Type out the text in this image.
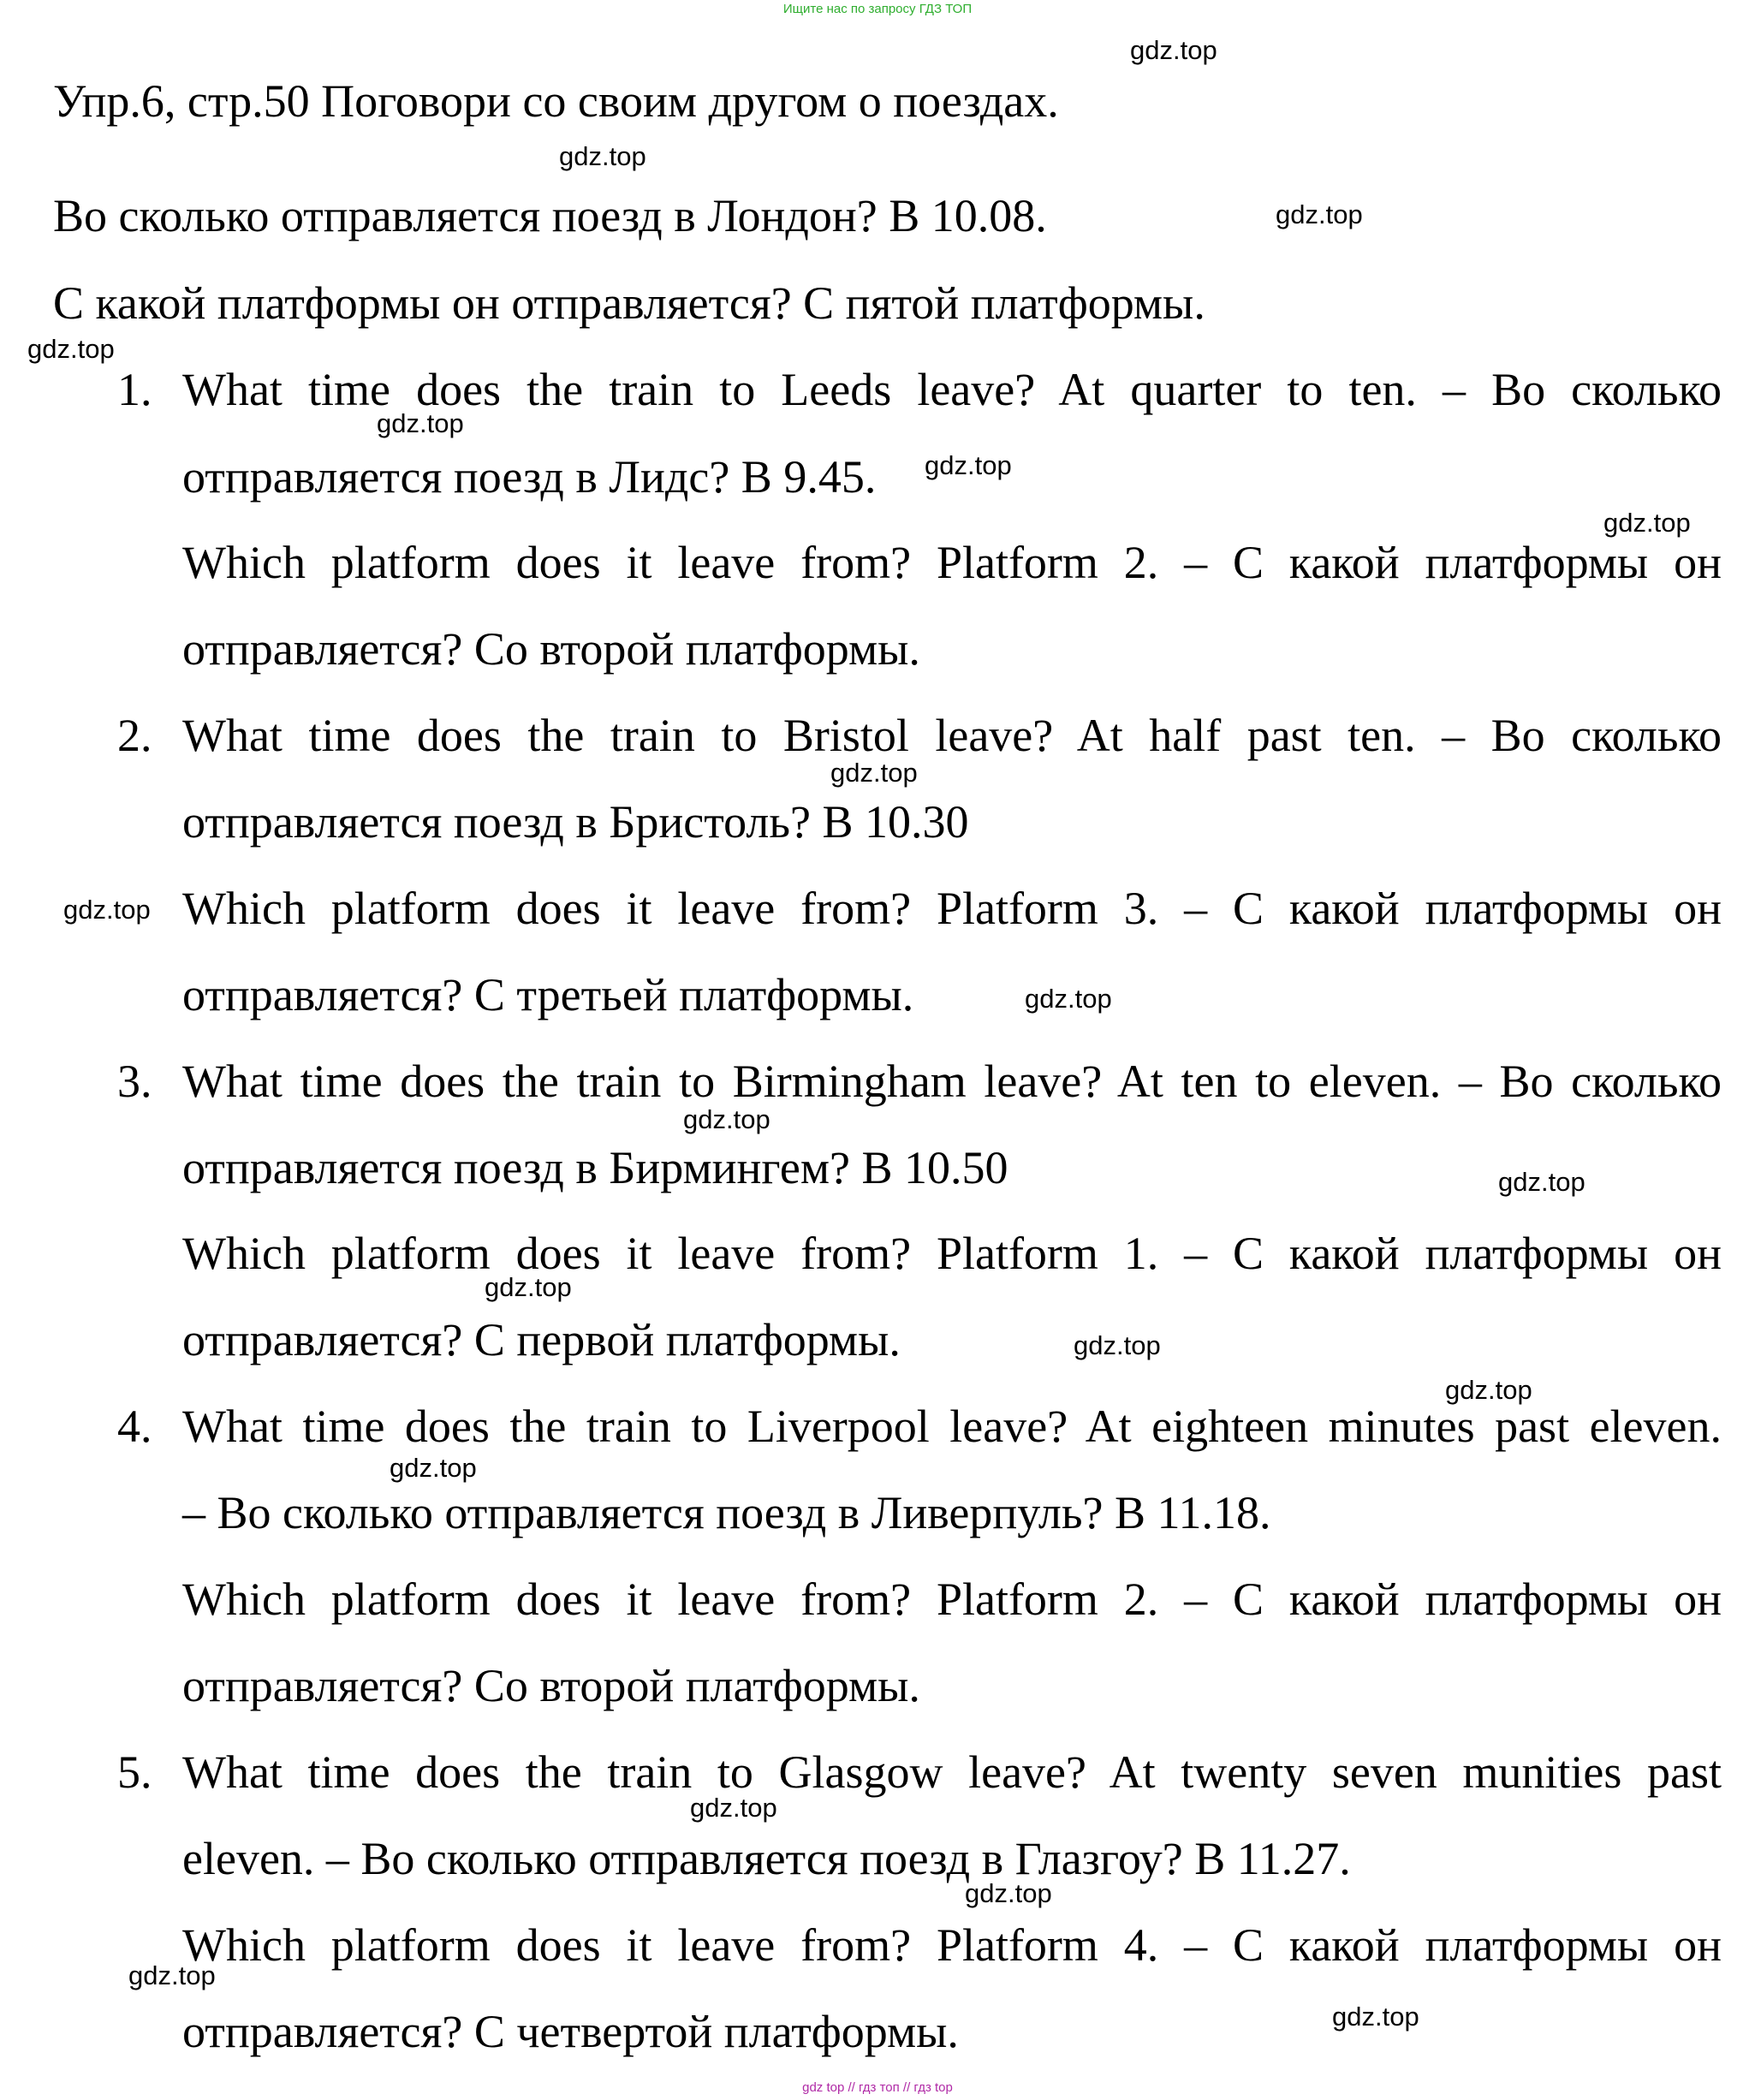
Ищите нас по запросу ГДЗ ТОП
Упр.6, стр.50 Поговори со своим другом о поездах.
Во сколько отправляется поезд в Лондон? В 10.08.
С какой платформы он отправляется? С пятой платформы.
1. What time does the train to Leeds leave? At quarter to ten. – Во сколько
отправляется поезд в Лидс? В 9.45.
Which platform does it leave from? Platform 2. – С какой платформы он
отправляется? Со второй платформы.
2. What time does the train to Bristol leave? At half past ten. – Во сколько
отправляется поезд в Бристоль? В 10.30
Which platform does it leave from? Platform 3. – С какой платформы он
отправляется? С третьей платформы.
3. What time does the train to Birmingham leave? At ten to eleven. – Во сколько
отправляется поезд в Бирмингем? В 10.50
Which platform does it leave from? Platform 1. – С какой платформы он
отправляется? С первой платформы.
4. What time does the train to Liverpool leave? At eighteen minutes past eleven.
– Во сколько отправляется поезд в Ливерпуль? В 11.18.
Which platform does it leave from? Platform 2. – С какой платформы он
отправляется? Со второй платформы.
5. What time does the train to Glasgow leave? At twenty seven munities past
eleven. – Во сколько отправляется поезд в Глазгоу? В 11.27.
Which platform does it leave from? Platform 4. – С какой платформы он
отправляется? С четвертой платформы.
gdz.top
gdz.top
gdz.top
gdz.top
gdz.top
gdz.top
gdz.top
gdz.top
gdz.top
gdz.top
gdz.top
gdz.top
gdz.top
gdz.top
gdz.top
gdz.top
gdz.top
gdz.top
gdz.top
gdz.top
gdz top // гдз топ // гдз top
